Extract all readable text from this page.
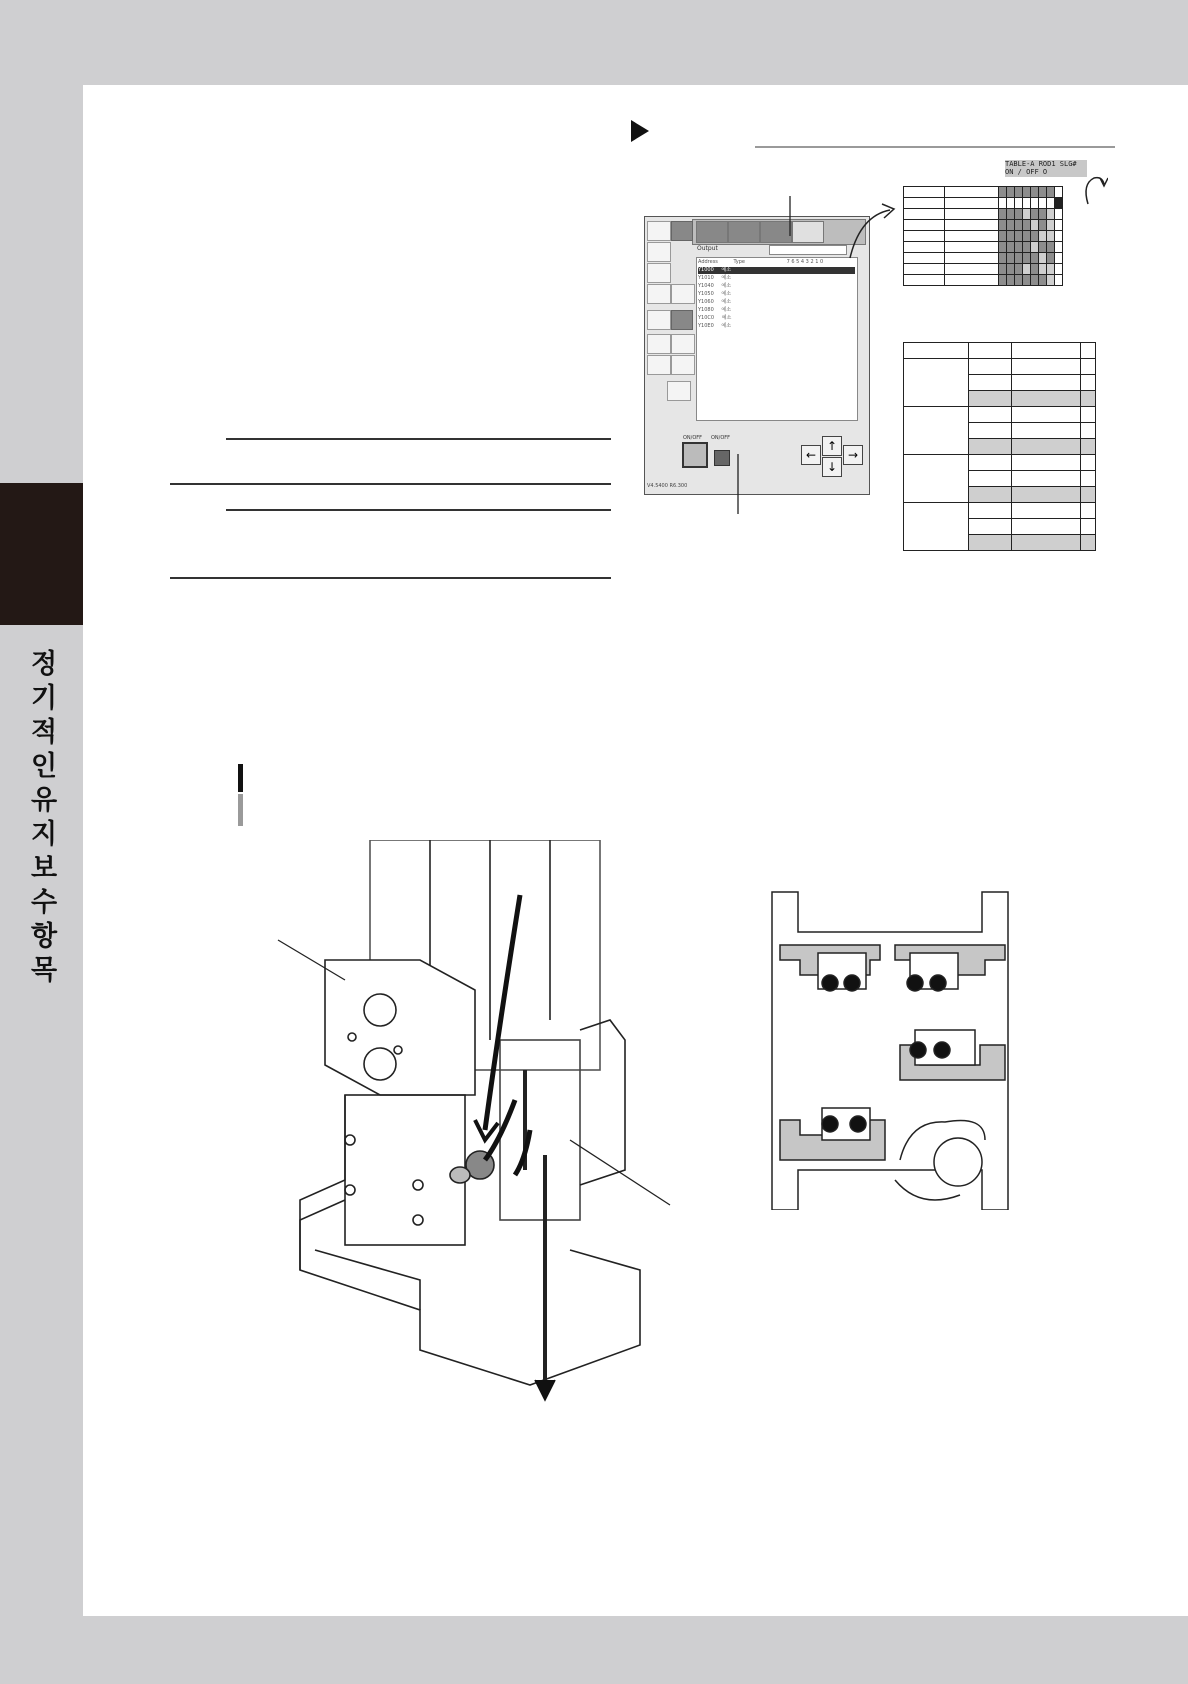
정기적인 유지보수 항목
Output
Address	Type	7 6 5 4 3 2 1 0
Y1000 예소
Y1010 예소
Y1040 예소
Y1050 예소
Y1060 예소
Y1080 예소
Y10C0 예소
Y10E0 예소
ON/OFF ON/OFF
←
↑
↓
→
V4.5400 R6.300
TABLE-A ROD1 SLG#
ON / OFF O
